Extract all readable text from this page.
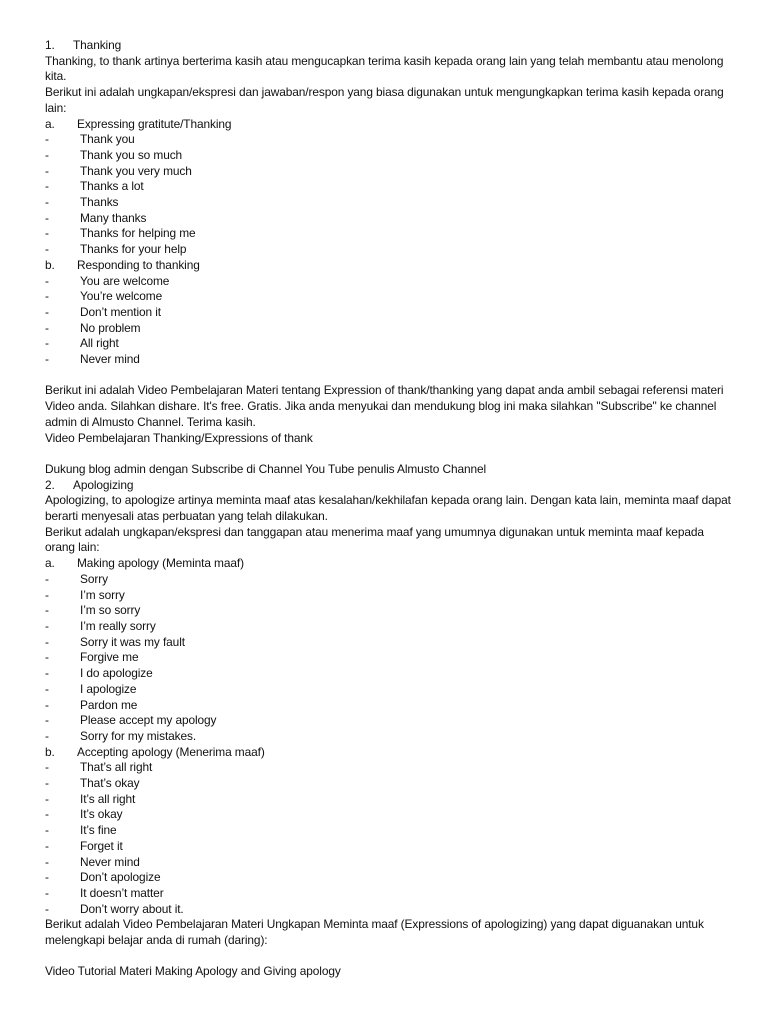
1.	Thanking
Thanking, to thank artinya berterima kasih atau mengucapkan terima kasih kepada orang lain yang telah membantu atau menolong kita.
Berikut ini adalah ungkapan/ekspresi dan jawaban/respon yang biasa digunakan untuk mengungkapkan terima kasih kepada orang lain:
a.	Expressing gratitute/Thanking
-	Thank you
-	Thank you so much
-	Thank you very much
-	Thanks a lot
-	Thanks
-	Many thanks
-	Thanks for helping me
-	Thanks for your help
b.	Responding to thanking
-	You are welcome
-	You’re welcome
-	Don’t mention it
-	No problem
-	All right
-	Never mind
Berikut ini adalah Video Pembelajaran Materi tentang Expression of thank/thanking yang dapat anda ambil sebagai referensi materi Video anda. Silahkan dishare. It's free. Gratis. Jika anda menyukai dan mendukung blog ini maka silahkan "Subscribe" ke channel admin di Almusto Channel. Terima kasih.
Video Pembelajaran Thanking/Expressions of thank
Dukung blog admin dengan Subscribe di Channel You Tube penulis Almusto Channel
2.	Apologizing
Apologizing, to apologize artinya meminta maaf atas kesalahan/kekhilafan kepada orang lain. Dengan kata lain, meminta maaf dapat berarti menyesali atas perbuatan yang telah dilakukan.
Berikut adalah ungkapan/ekspresi dan tanggapan atau menerima maaf yang umumnya digunakan untuk meminta maaf kepada orang lain:
a.	Making apology (Meminta maaf)
-	Sorry
-	I’m sorry
-	I’m so sorry
-	I’m really sorry
-	Sorry it was my fault
-	Forgive me
-	I do apologize
-	I apologize
-	Pardon me
-	Please accept my apology
-	Sorry for my mistakes.
b.	Accepting apology (Menerima maaf)
-	That’s all right
-	That’s okay
-	It’s all right
-	It’s okay
-	It’s fine
-	Forget it
-	Never mind
-	Don’t apologize
-	It doesn’t matter
-	Don’t worry about it.
Berikut adalah Video Pembelajaran Materi Ungkapan Meminta maaf (Expressions of apologizing) yang dapat diguanakan untuk melengkapi belajar anda di rumah (daring):
Video Tutorial Materi Making Apology and Giving apology
